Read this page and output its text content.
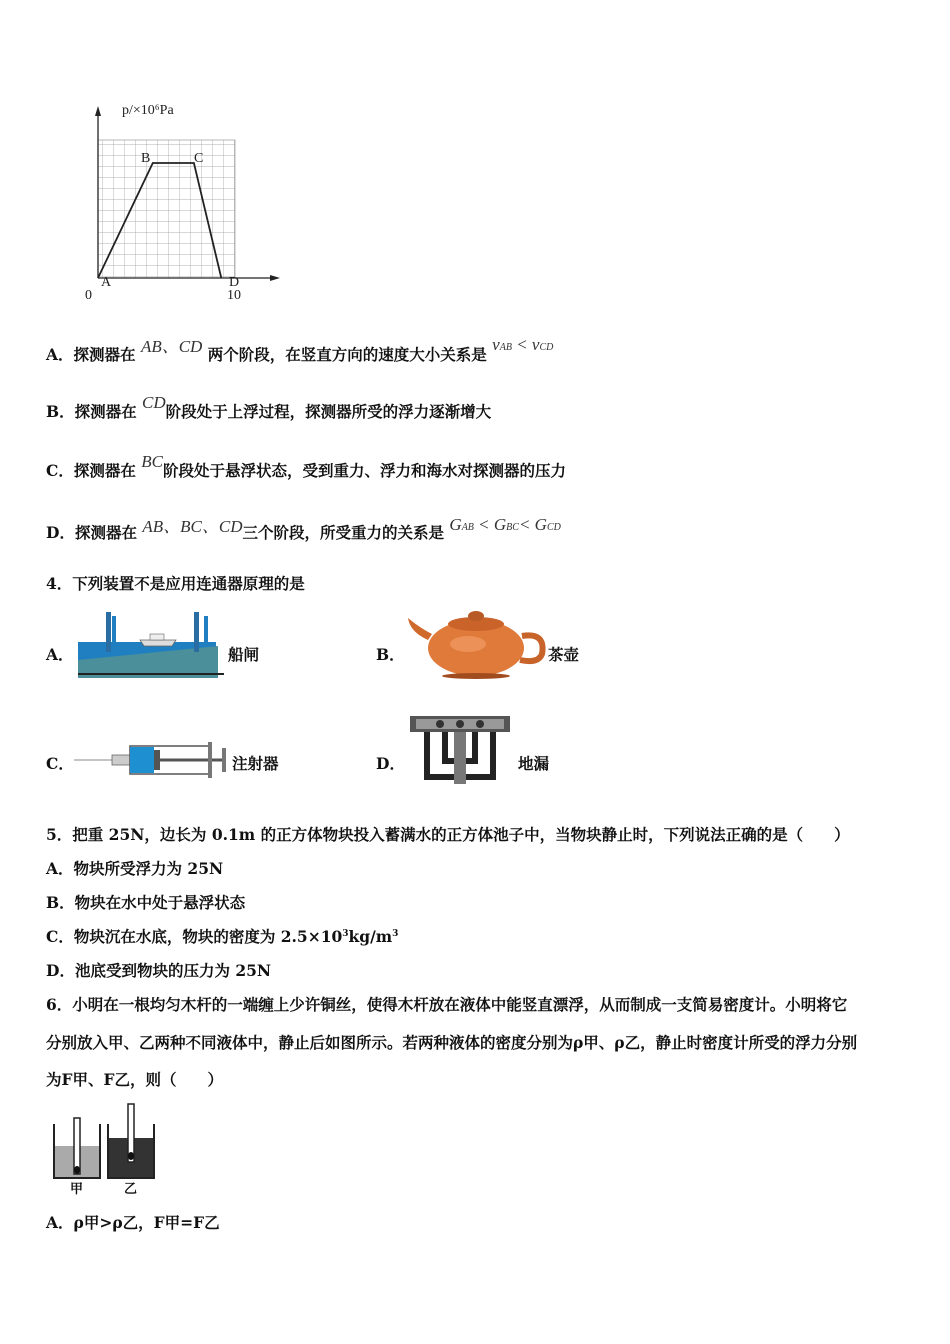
p/×10⁶Pa
B	C
A	D
0	10
A．探测器在 AB、CD 两个阶段，在竖直方向的速度大小关系是 vAB < vCD
B．探测器在 CD阶段处于上浮过程，探测器所受的浮力逐渐增大
C．探测器在 BC阶段处于悬浮状态，受到重力、浮力和海水对探测器的压力
D．探测器在 AB、BC、CD三个阶段，所受重力的关系是 GAB < GBC< GCD
4．下列装置不是应用连通器原理的是
A．	船闸	B．	茶壶
C．	注射器	D．	地漏
5．把重 25N，边长为 0.1m 的正方体物块投入蓄满水的正方体池子中，当物块静止时，下列说法正确的是（　　）
A．物块所受浮力为 25N
B．物块在水中处于悬浮状态
C．物块沉在水底，物块的密度为 $2.5\times 10^3kg/m^3$
D．池底受到物块的压力为 25N
6．小明在一根均匀木杆的一端缠上少许铜丝，使得木杆放在液体中能竖直漂浮，从而制成一支简易密度计。小明将它
分别放入甲、乙两种不同液体中，静止后如图所示。若两种液体的密度分别为ρ甲、ρ乙，静止时密度计所受的浮力分别
为F甲、F乙，则（　　）
甲	乙
A．ρ甲>ρ乙，F甲=F乙
